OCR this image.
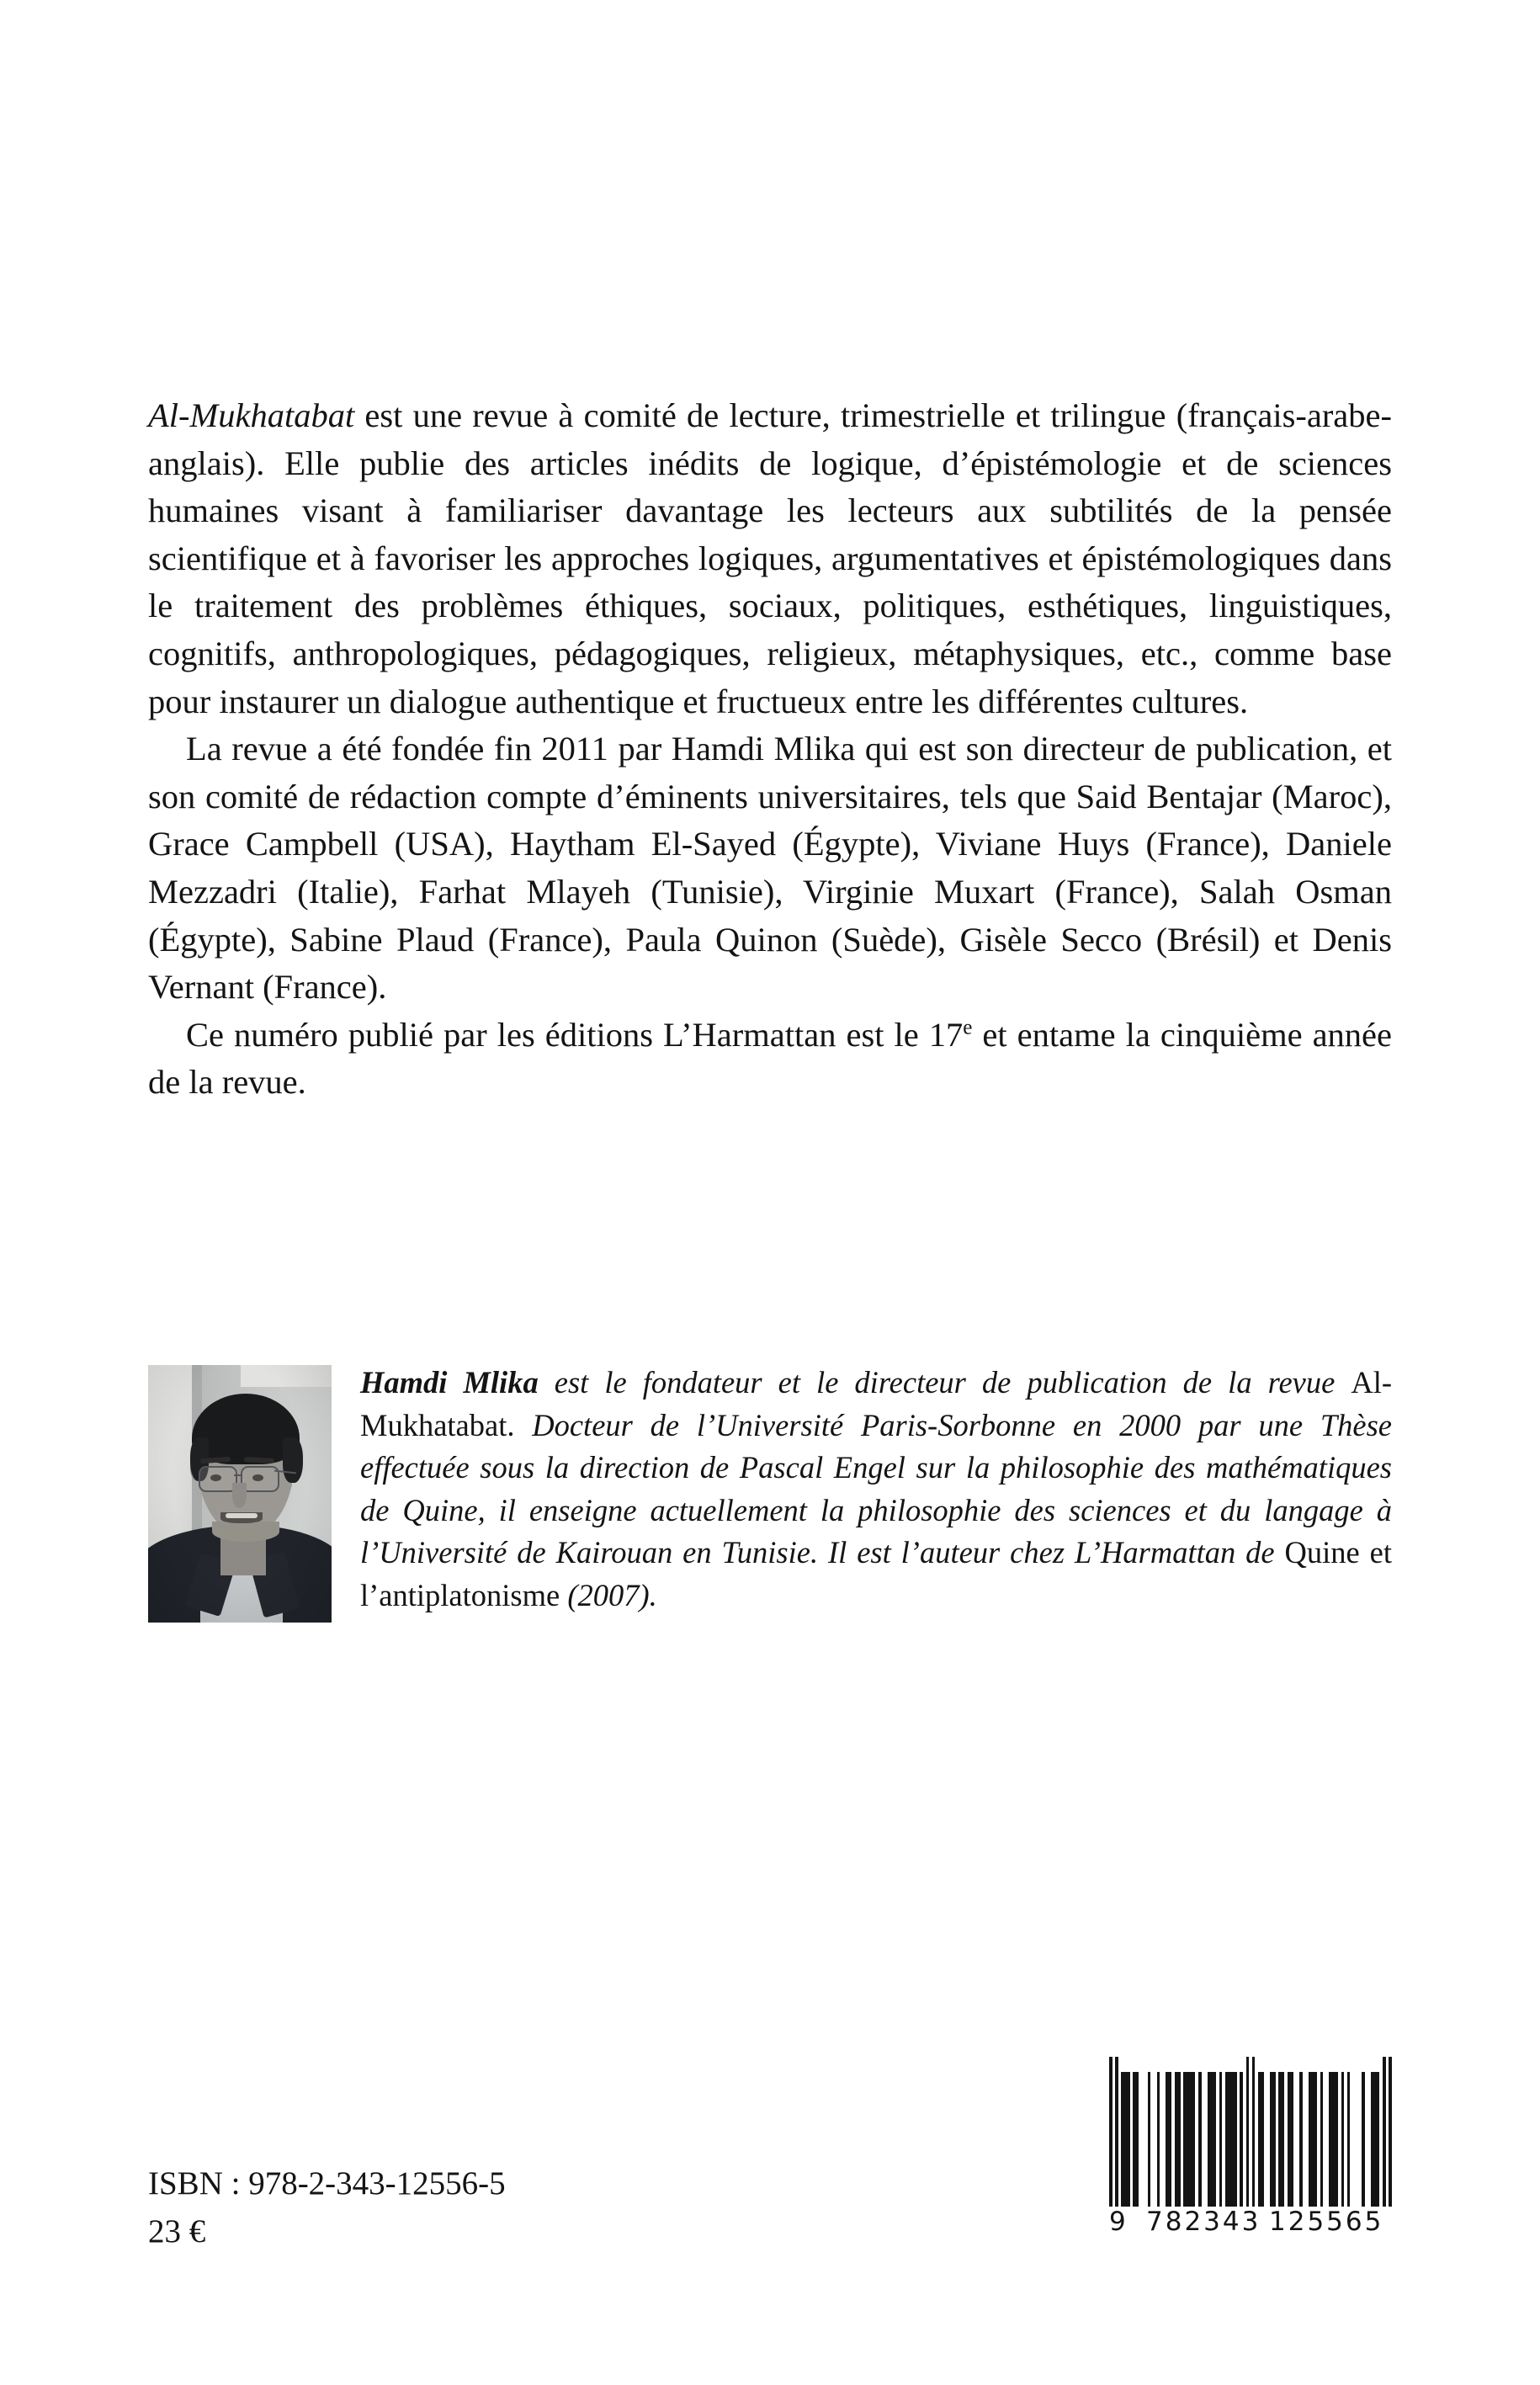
Al-Mukhatabat est une revue à comité de lecture, trimestrielle et trilingue (français-arabe-anglais). Elle publie des articles inédits de logique, d’épistémologie et de sciences humaines visant à familiariser davantage les lecteurs aux subtilités de la pensée scientifique et à favoriser les approches logiques, argumentatives et épistémologiques dans le traitement des problèmes éthiques, sociaux, politiques, esthétiques, linguistiques, cognitifs, anthropologiques, pédagogiques, religieux, métaphysiques, etc., comme base pour instaurer un dialogue authentique et fructueux entre les différentes cultures.

La revue a été fondée fin 2011 par Hamdi Mlika qui est son directeur de publication, et son comité de rédaction compte d’éminents universitaires, tels que Said Bentajar (Maroc), Grace Campbell (USA), Haytham El-Sayed (Égypte), Viviane Huys (France), Daniele Mezzadri (Italie), Farhat Mlayeh (Tunisie), Virginie Muxart (France), Salah Osman (Égypte), Sabine Plaud (France), Paula Quinon (Suède), Gisèle Secco (Brésil) et Denis Vernant (France).

Ce numéro publié par les éditions L’Harmattan est le 17e et entame la cinquième année de la revue.

Hamdi Mlika est le fondateur et le directeur de publication de la revue Al-Mukhatabat. Docteur de l’Université Paris-Sorbonne en 2000 par une Thèse effectuée sous la direction de Pascal Engel sur la philosophie des mathématiques de Quine, il enseigne actuellement la philosophie des sciences et du langage à l’Université de Kairouan en Tunisie. Il est l’auteur chez L’Harmattan de Quine et l’antiplatonisme (2007).

ISBN : 978-2-343-12556-5
23 €	9 782343 125565
